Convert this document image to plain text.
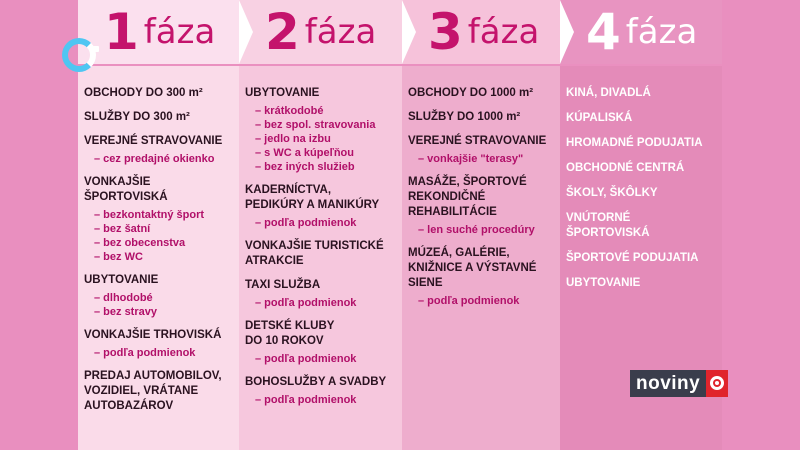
OBCHODY DO 300 m²
SLUŽBY DO 300 m²
VEREJNÉ STRAVOVANIE
– cez predajné okienko
VONKAJŠIE
ŠPORTOVISKÁ
– bezkontaktný šport
– bez šatní
– bez obecenstva
– bez WC
UBYTOVANIE
– dlhodobé
– bez stravy
VONKAJŠIE TRHOVISKÁ
– podľa podmienok
PREDAJ AUTOMOBILOV,
VOZIDIEL, VRÁTANE
AUTOBAZÁROV
UBYTOVANIE
– krátkodobé
– bez spol. stravovania
– jedlo na izbu
– s WC a kúpeľňou
– bez iných služieb
KADERNÍCTVA,
PEDIKÚRY A MANIKÚRY
– podľa podmienok
VONKAJŠIE TURISTICKÉ
ATRAKCIE
TAXI SLUŽBA
– podľa podmienok
DETSKÉ KLUBY
DO 10 ROKOV
– podľa podmienok
BOHOSLUŽBY A SVADBY
– podľa podmienok
OBCHODY DO 1000 m²
SLUŽBY DO 1000 m²
VEREJNÉ STRAVOVANIE
– vonkajšie "terasy"
MASÁŽE, ŠPORTOVÉ
REKONDIČNÉ
REHABILITÁCIE
– len suché procedúry
MÚZEÁ, GALÉRIE,
KNIŽNICE A VÝSTAVNÉ
SIENE
– podľa podmienok
KINÁ, DIVADLÁ
KÚPALISKÁ
HROMADNÉ PODUJATIA
OBCHODNÉ CENTRÁ
ŠKOLY, ŠKÔLKY
VNÚTORNÉ
ŠPORTOVISKÁ
ŠPORTOVÉ PODUJATIA
UBYTOVANIE
1 fáza 2 fáza 3 fáza 4 fáza
noviny
